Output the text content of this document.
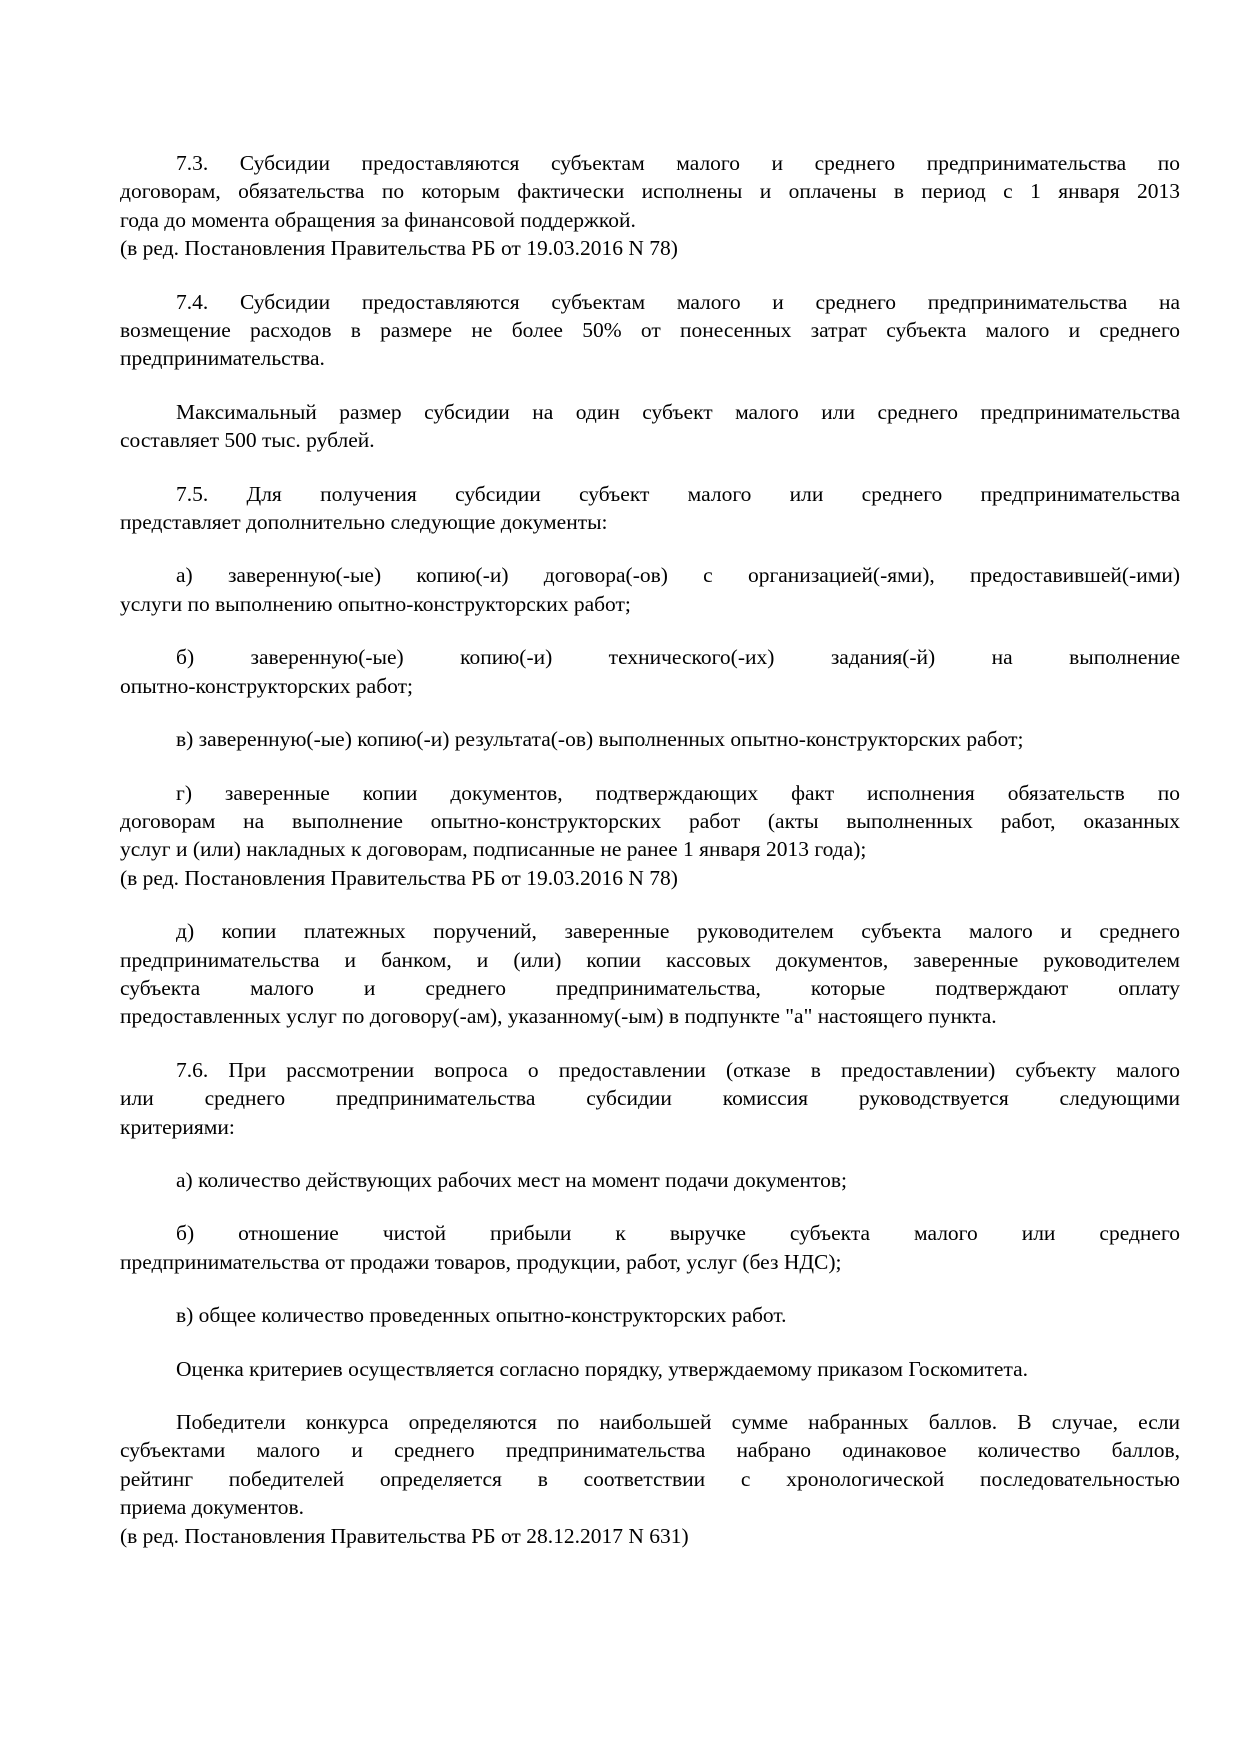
7.3. Субсидии предоставляются субъектам малого и среднего предпринимательства по
договорам, обязательства по которым фактически исполнены и оплачены в период с 1 января 2013
года до момента обращения за финансовой поддержкой.
(в ред. Постановления Правительства РБ от 19.03.2016 N 78)
7.4. Субсидии предоставляются субъектам малого и среднего предпринимательства на
возмещение расходов в размере не более 50% от понесенных затрат субъекта малого и среднего
предпринимательства.
Максимальный размер субсидии на один субъект малого или среднего предпринимательства
составляет 500 тыс. рублей.
7.5. Для получения субсидии субъект малого или среднего предпринимательства
представляет дополнительно следующие документы:
а) заверенную(-ые) копию(-и) договора(-ов) с организацией(-ями), предоставившей(-ими)
услуги по выполнению опытно-конструкторских работ;
б) заверенную(-ые) копию(-и) технического(-их) задания(-й) на выполнение
опытно-конструкторских работ;
в) заверенную(-ые) копию(-и) результата(-ов) выполненных опытно-конструкторских работ;
г) заверенные копии документов, подтверждающих факт исполнения обязательств по
договорам на выполнение опытно-конструкторских работ (акты выполненных работ, оказанных
услуг и (или) накладных к договорам, подписанные не ранее 1 января 2013 года);
(в ред. Постановления Правительства РБ от 19.03.2016 N 78)
д) копии платежных поручений, заверенные руководителем субъекта малого и среднего
предпринимательства и банком, и (или) копии кассовых документов, заверенные руководителем
субъекта малого и среднего предпринимательства, которые подтверждают оплату
предоставленных услуг по договору(-ам), указанному(-ым) в подпункте "а" настоящего пункта.
7.6. При рассмотрении вопроса о предоставлении (отказе в предоставлении) субъекту малого
или среднего предпринимательства субсидии комиссия руководствуется следующими
критериями:
а) количество действующих рабочих мест на момент подачи документов;
б) отношение чистой прибыли к выручке субъекта малого или среднего
предпринимательства от продажи товаров, продукции, работ, услуг (без НДС);
в) общее количество проведенных опытно-конструкторских работ.
Оценка критериев осуществляется согласно порядку, утверждаемому приказом Госкомитета.
Победители конкурса определяются по наибольшей сумме набранных баллов. В случае, если
субъектами малого и среднего предпринимательства набрано одинаковое количество баллов,
рейтинг победителей определяется в соответствии с хронологической последовательностью
приема документов.
(в ред. Постановления Правительства РБ от 28.12.2017 N 631)
